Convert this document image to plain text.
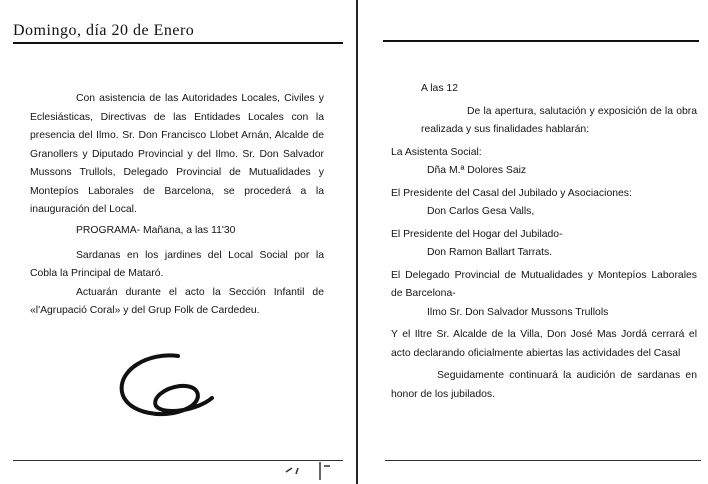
Domingo, día 20 de Enero
Con asistencia de las Autoridades Locales, Civiles y Eclesiásticas, Directivas de las Entidades Locales con la presencia del Ilmo. Sr. Don Francisco Llobet Arnán, Alcalde de Granollers y Diputado Provincial y del Ilmo. Sr. Don Salvador Mussons Trullols, Delegado Provincial de Mutualidades y Montepíos Laborales de Barcelona, se procederá a la inauguración del Local.
PROGRAMA- Mañana, a las 11'30
Sardanas en los jardines del Local Social por la Cobla la Principal de Mataró.
Actuarán durante el acto la Sección Infantil de «l'Agrupació Coral» y del Grup Folk de Cardedeu.
A las 12
De la apertura, salutación y exposición de la obra realizada y sus finalidades hablarán:
La Asistenta Social:
Dña M.ª Dolores Saiz
El Presidente del Casal del Jubilado y Asociaciones:
Don Carlos Gesa Valls,
El Presidente del Hogar del Jubilado-
Don Ramon Ballart Tarrats.
El Delegado Provincial de Mutualidades y Montepíos Laborales de Barcelona-
Ilmo Sr. Don Salvador Mussons Trullols
Y el Iltre Sr. Alcalde de la Villa, Don José Mas Jordá cerrará el acto declarando oficialmente abiertas las actividades del Casal
Seguidamente continuará la audición de sardanas en honor de los jubilados.
